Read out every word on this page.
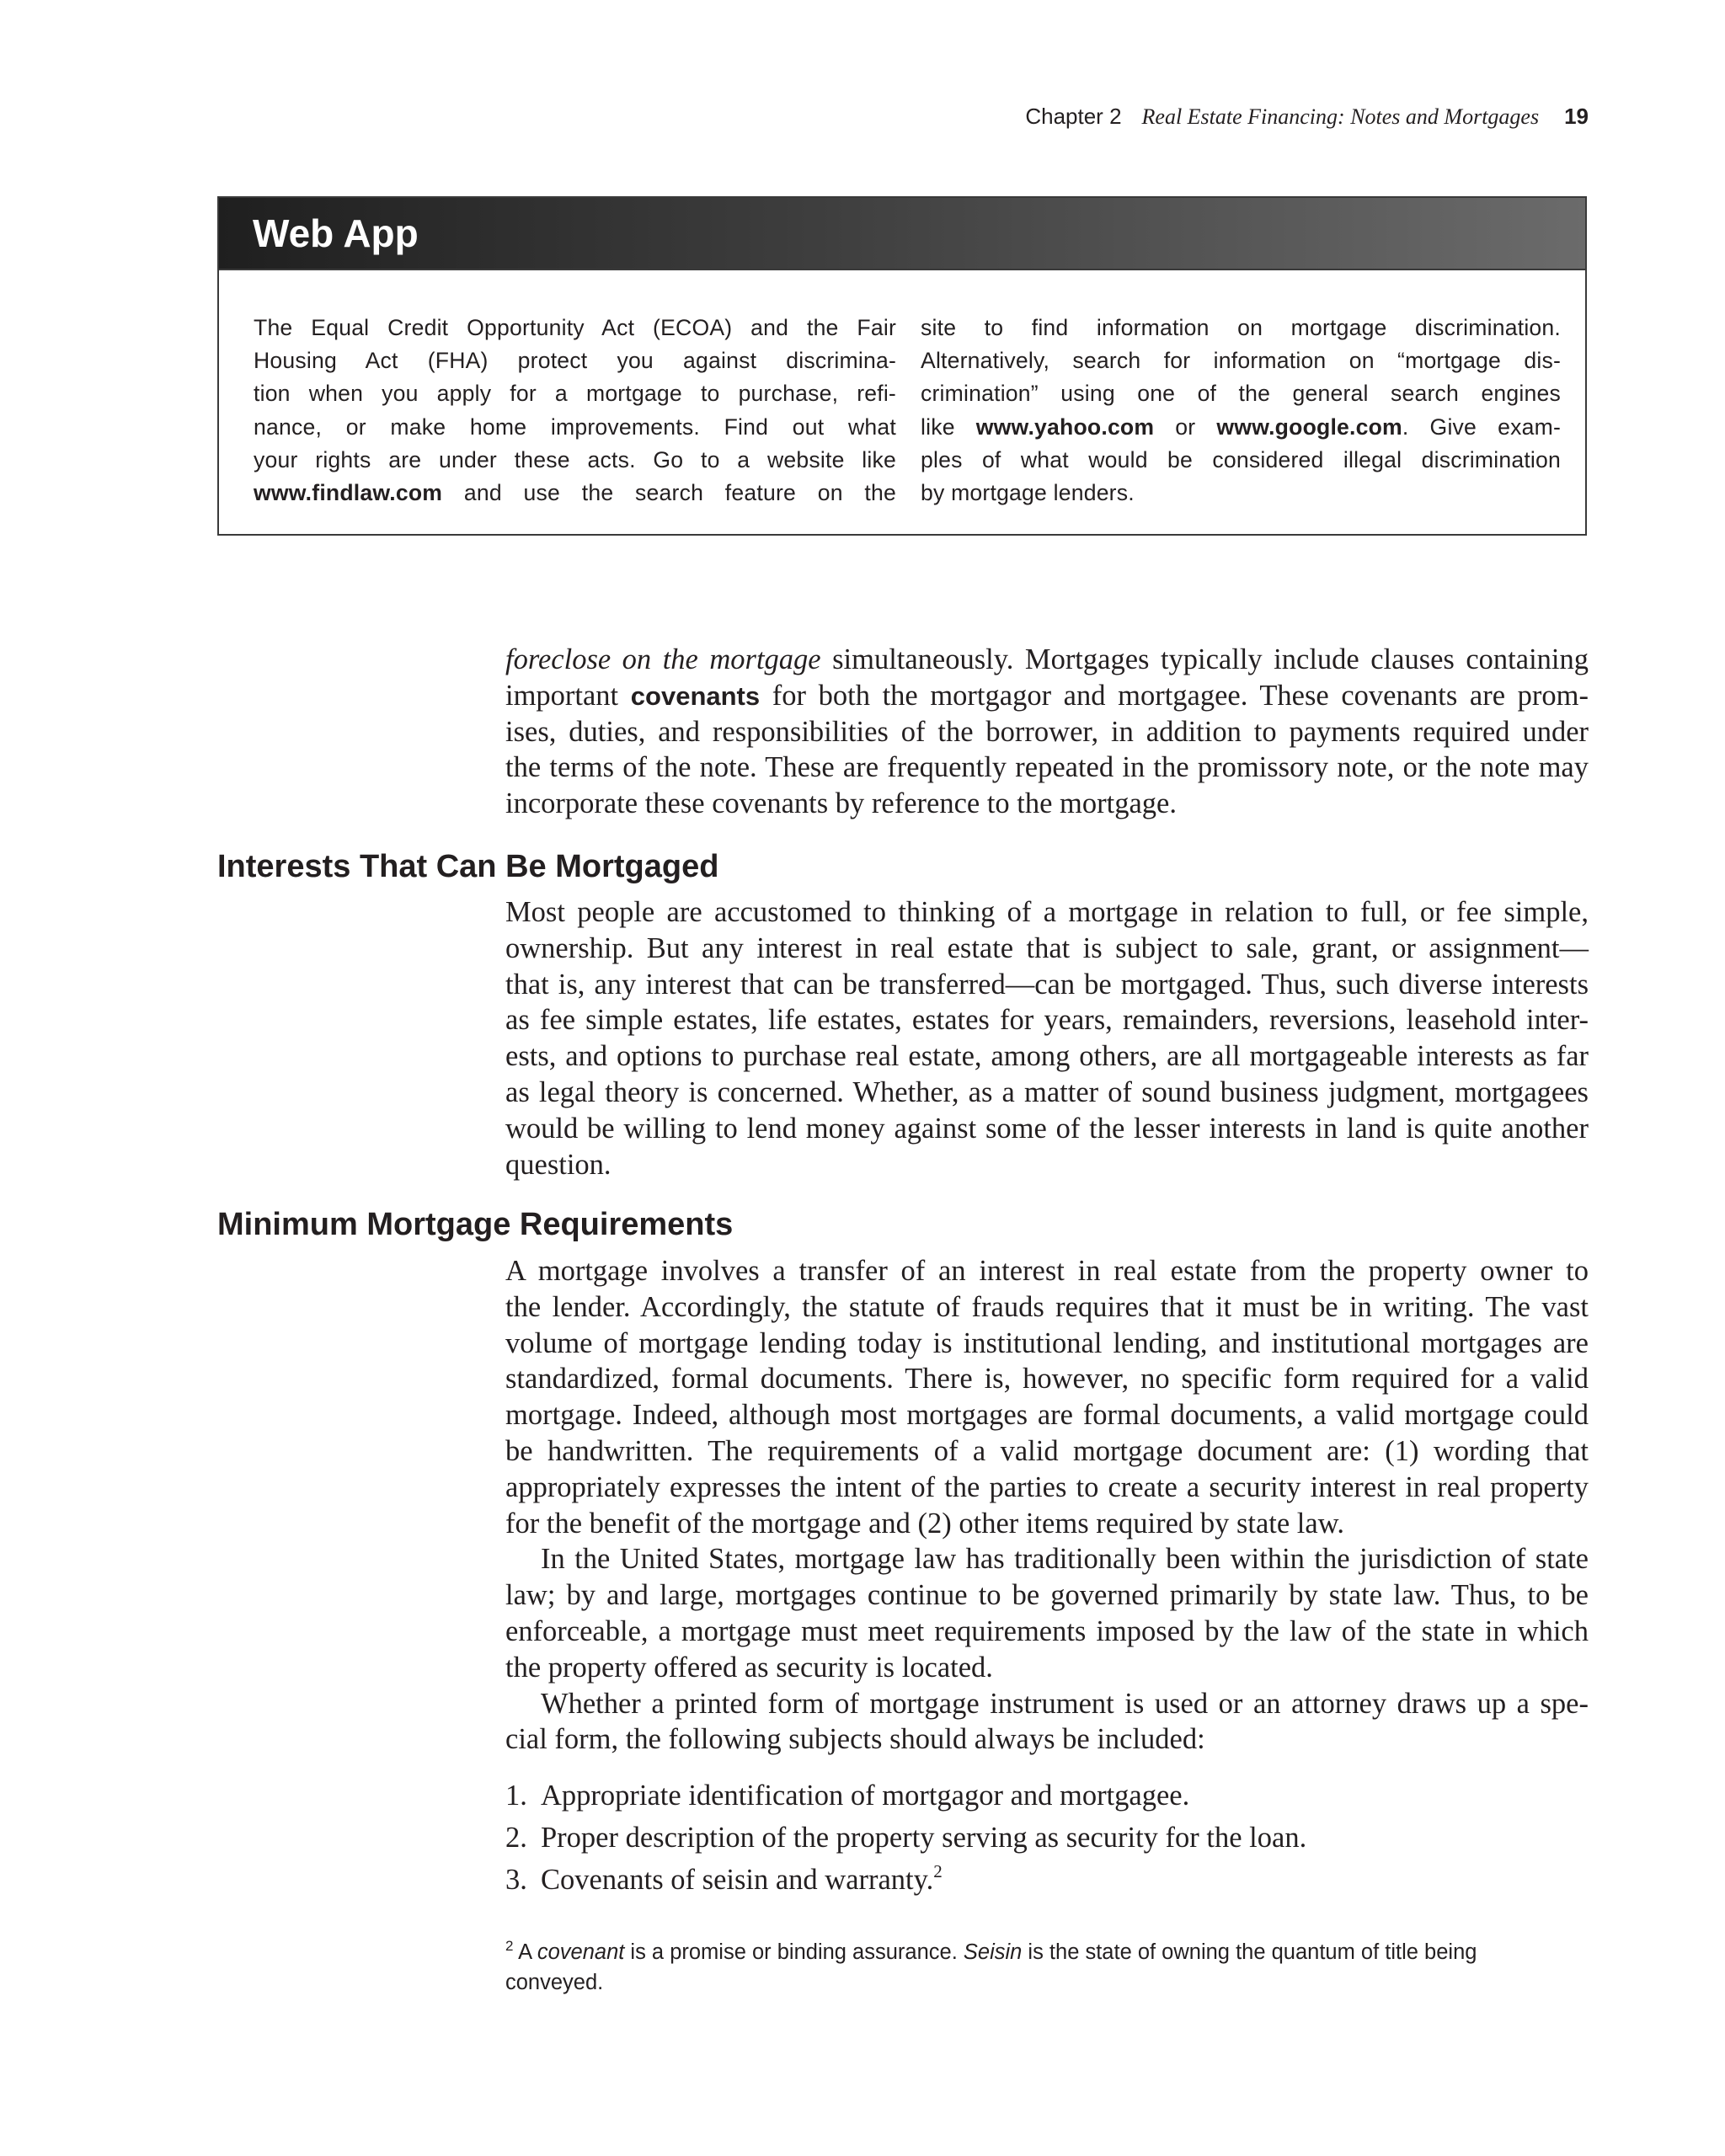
Chapter 2 Real Estate Financing: Notes and Mortgages 19
Web App
The Equal Credit Opportunity Act (ECOA) and the Fair
Housing Act (FHA) protect you against discrimina-
tion when you apply for a mortgage to purchase, refi-
nance, or make home improvements. Find out what
your rights are under these acts. Go to a website like
www.findlaw.com and use the search feature on the
site to find information on mortgage discrimination.
Alternatively, search for information on “mortgage dis-
crimination” using one of the general search engines
like www.yahoo.com or www.google.com. Give exam-
ples of what would be considered illegal discrimination
by mortgage lenders.
foreclose on the mortgage simultaneously. Mortgages typically include clauses containing
important covenants for both the mortgagor and mortgagee. These covenants are prom-
ises, duties, and responsibilities of the borrower, in addition to payments required under
the terms of the note. These are frequently repeated in the promissory note, or the note may
incorporate these covenants by reference to the mortgage.
Interests That Can Be Mortgaged
Most people are accustomed to thinking of a mortgage in relation to full, or fee simple,
ownership. But any interest in real estate that is subject to sale, grant, or assignment—
that is, any interest that can be transferred—can be mortgaged. Thus, such diverse interests
as fee simple estates, life estates, estates for years, remainders, reversions, leasehold inter-
ests, and options to purchase real estate, among others, are all mortgageable interests as far
as legal theory is concerned. Whether, as a matter of sound business judgment, mortgagees
would be willing to lend money against some of the lesser interests in land is quite another
question.
Minimum Mortgage Requirements
A mortgage involves a transfer of an interest in real estate from the property owner to
the lender. Accordingly, the statute of frauds requires that it must be in writing. The vast
volume of mortgage lending today is institutional lending, and institutional mortgages are
standardized, formal documents. There is, however, no specific form required for a valid
mortgage. Indeed, although most mortgages are formal documents, a valid mortgage could
be handwritten. The requirements of a valid mortgage document are: (1) wording that
appropriately expresses the intent of the parties to create a security interest in real property
for the benefit of the mortgage and (2) other items required by state law.
In the United States, mortgage law has traditionally been within the jurisdiction of state
law; by and large, mortgages continue to be governed primarily by state law. Thus, to be
enforceable, a mortgage must meet requirements imposed by the law of the state in which
the property offered as security is located.
Whether a printed form of mortgage instrument is used or an attorney draws up a spe-
cial form, the following subjects should always be included:
1. Appropriate identification of mortgagor and mortgagee.
2. Proper description of the property serving as security for the loan.
3. Covenants of seisin and warranty.$^2$
$^2$ A covenant is a promise or binding assurance. Seisin is the state of owning the quantum of title being
conveyed.
